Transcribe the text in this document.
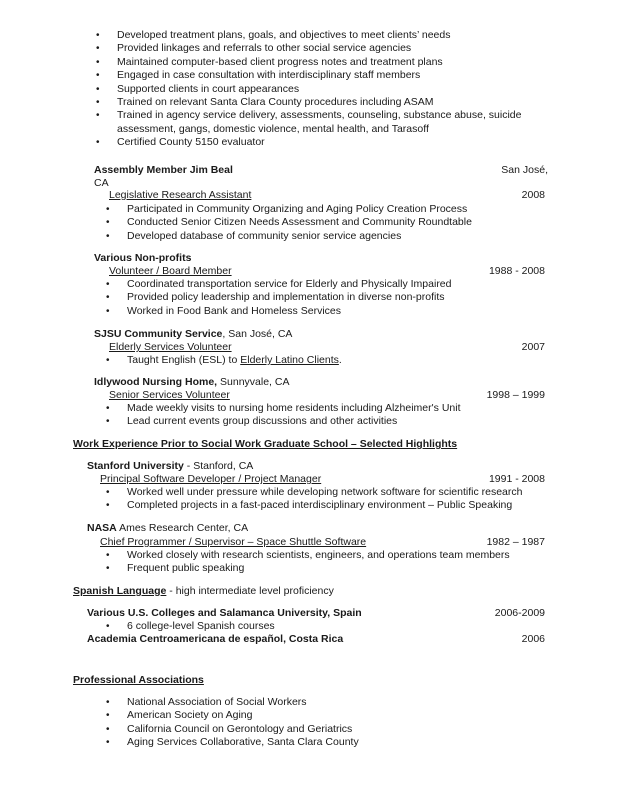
• Developed treatment plans, goals, and objectives to meet clients’ needs
• Provided linkages and referrals to other social service agencies
• Maintained computer-based client progress notes and treatment plans
• Engaged in case consultation with interdisciplinary staff members
• Supported clients in court appearances
• Trained on relevant Santa Clara County procedures including ASAM
• Trained in agency service delivery, assessments, counseling, substance abuse, suicide
assessment, gangs, domestic violence, mental health, and Tarasoff
• Certified County 5150 evaluator
Assembly Member Jim Beal	San José,
CA
Legislative Research Assistant	2008
• Participated in Community Organizing and Aging Policy Creation Process
• Conducted Senior Citizen Needs Assessment and Community Roundtable
• Developed database of community senior service agencies
Various Non-profits
Volunteer / Board Member	1988 - 2008
• Coordinated transportation service for Elderly and Physically Impaired
• Provided policy leadership and implementation in diverse non-profits
• Worked in Food Bank and Homeless Services
SJSU Community Service, San José, CA
Elderly Services Volunteer	2007
• Taught English (ESL) to Elderly Latino Clients.
Idlywood Nursing Home, Sunnyvale, CA
Senior Services Volunteer	1998 – 1999
• Made weekly visits to nursing home residents including Alzheimer's Unit
• Lead current events group discussions and other activities
Work Experience Prior to Social Work Graduate School – Selected Highlights
Stanford University - Stanford, CA
Principal Software Developer / Project Manager	1991 - 2008
• Worked well under pressure while developing network software for scientific research
• Completed projects in a fast-paced interdisciplinary environment – Public Speaking
NASA Ames Research Center, CA
Chief Programmer / Supervisor – Space Shuttle Software	1982 – 1987
• Worked closely with research scientists, engineers, and operations team members
• Frequent public speaking
Spanish Language - high intermediate level proficiency
Various U.S. Colleges and Salamanca University, Spain	2006-2009
• 6 college-level Spanish courses
Academia Centroamericana de español, Costa Rica	2006
Professional Associations
• National Association of Social Workers
• American Society on Aging
• California Council on Gerontology and Geriatrics
• Aging Services Collaborative, Santa Clara County
